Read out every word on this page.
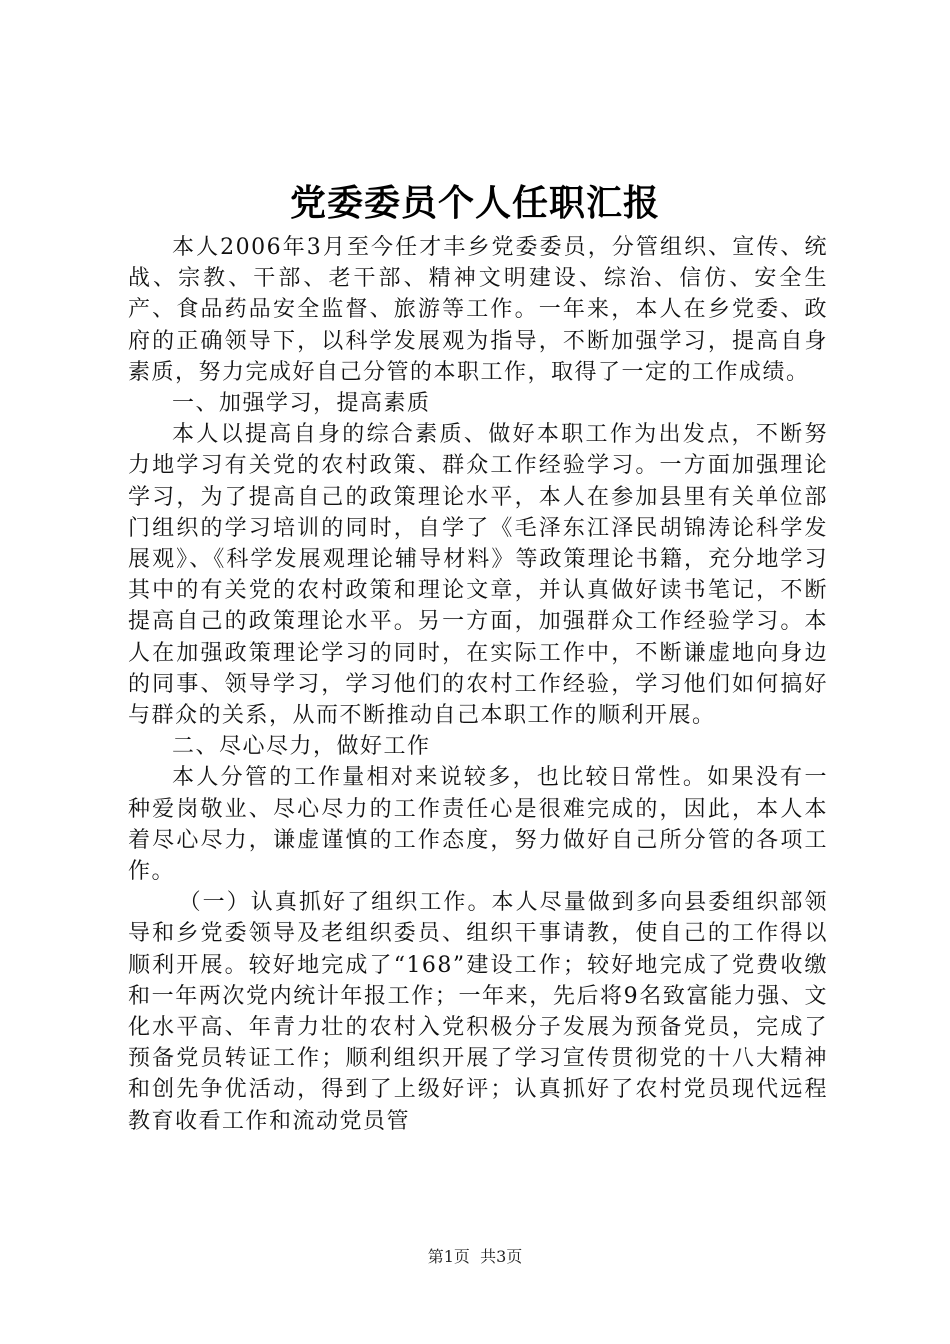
党委委员个人任职汇报

本人2006年3月至今任才丰乡党委委员，分管组织、宣传、统战、宗教、干部、老干部、精神文明建设、综治、信仿、安全生产、食品药品安全监督、旅游等工作。一年来，本人在乡党委、政府的正确领导下，以科学发展观为指导，不断加强学习，提高自身素质，努力完成好自己分管的本职工作，取得了一定的工作成绩。

一、加强学习，提高素质

本人以提高自身的综合素质、做好本职工作为出发点，不断努力地学习有关党的农村政策、群众工作经验学习。一方面加强理论学习，为了提高自己的政策理论水平，本人在参加县里有关单位部门组织的学习培训的同时，自学了《毛泽东江泽民胡锦涛论科学发展观》、《科学发展观理论辅导材料》等政策理论书籍，充分地学习其中的有关党的农村政策和理论文章，并认真做好读书笔记，不断提高自己的政策理论水平。另一方面，加强群众工作经验学习。本人在加强政策理论学习的同时，在实际工作中，不断谦虚地向身边的同事、领导学习，学习他们的农村工作经验，学习他们如何搞好与群众的关系，从而不断推动自己本职工作的顺利开展。

二、尽心尽力，做好工作

本人分管的工作量相对来说较多，也比较日常性。如果没有一种爱岗敬业、尽心尽力的工作责任心是很难完成的，因此，本人本着尽心尽力，谦虚谨慎的工作态度，努力做好自己所分管的各项工作。

（一）认真抓好了组织工作。本人尽量做到多向县委组织部领导和乡党委领导及老组织委员、组织干事请教，使自己的工作得以顺利开展。较好地完成了“168”建设工作；较好地完成了党费收缴和一年两次党内统计年报工作；一年来，先后将9名致富能力强、文化水平高、年青力壮的农村入党积极分子发展为预备党员，完成了预备党员转证工作；顺利组织开展了学习宣传贯彻党的十八大精神和创先争优活动，得到了上级好评；认真抓好了农村党员现代远程教育收看工作和流动党员管

第1页  共3页
